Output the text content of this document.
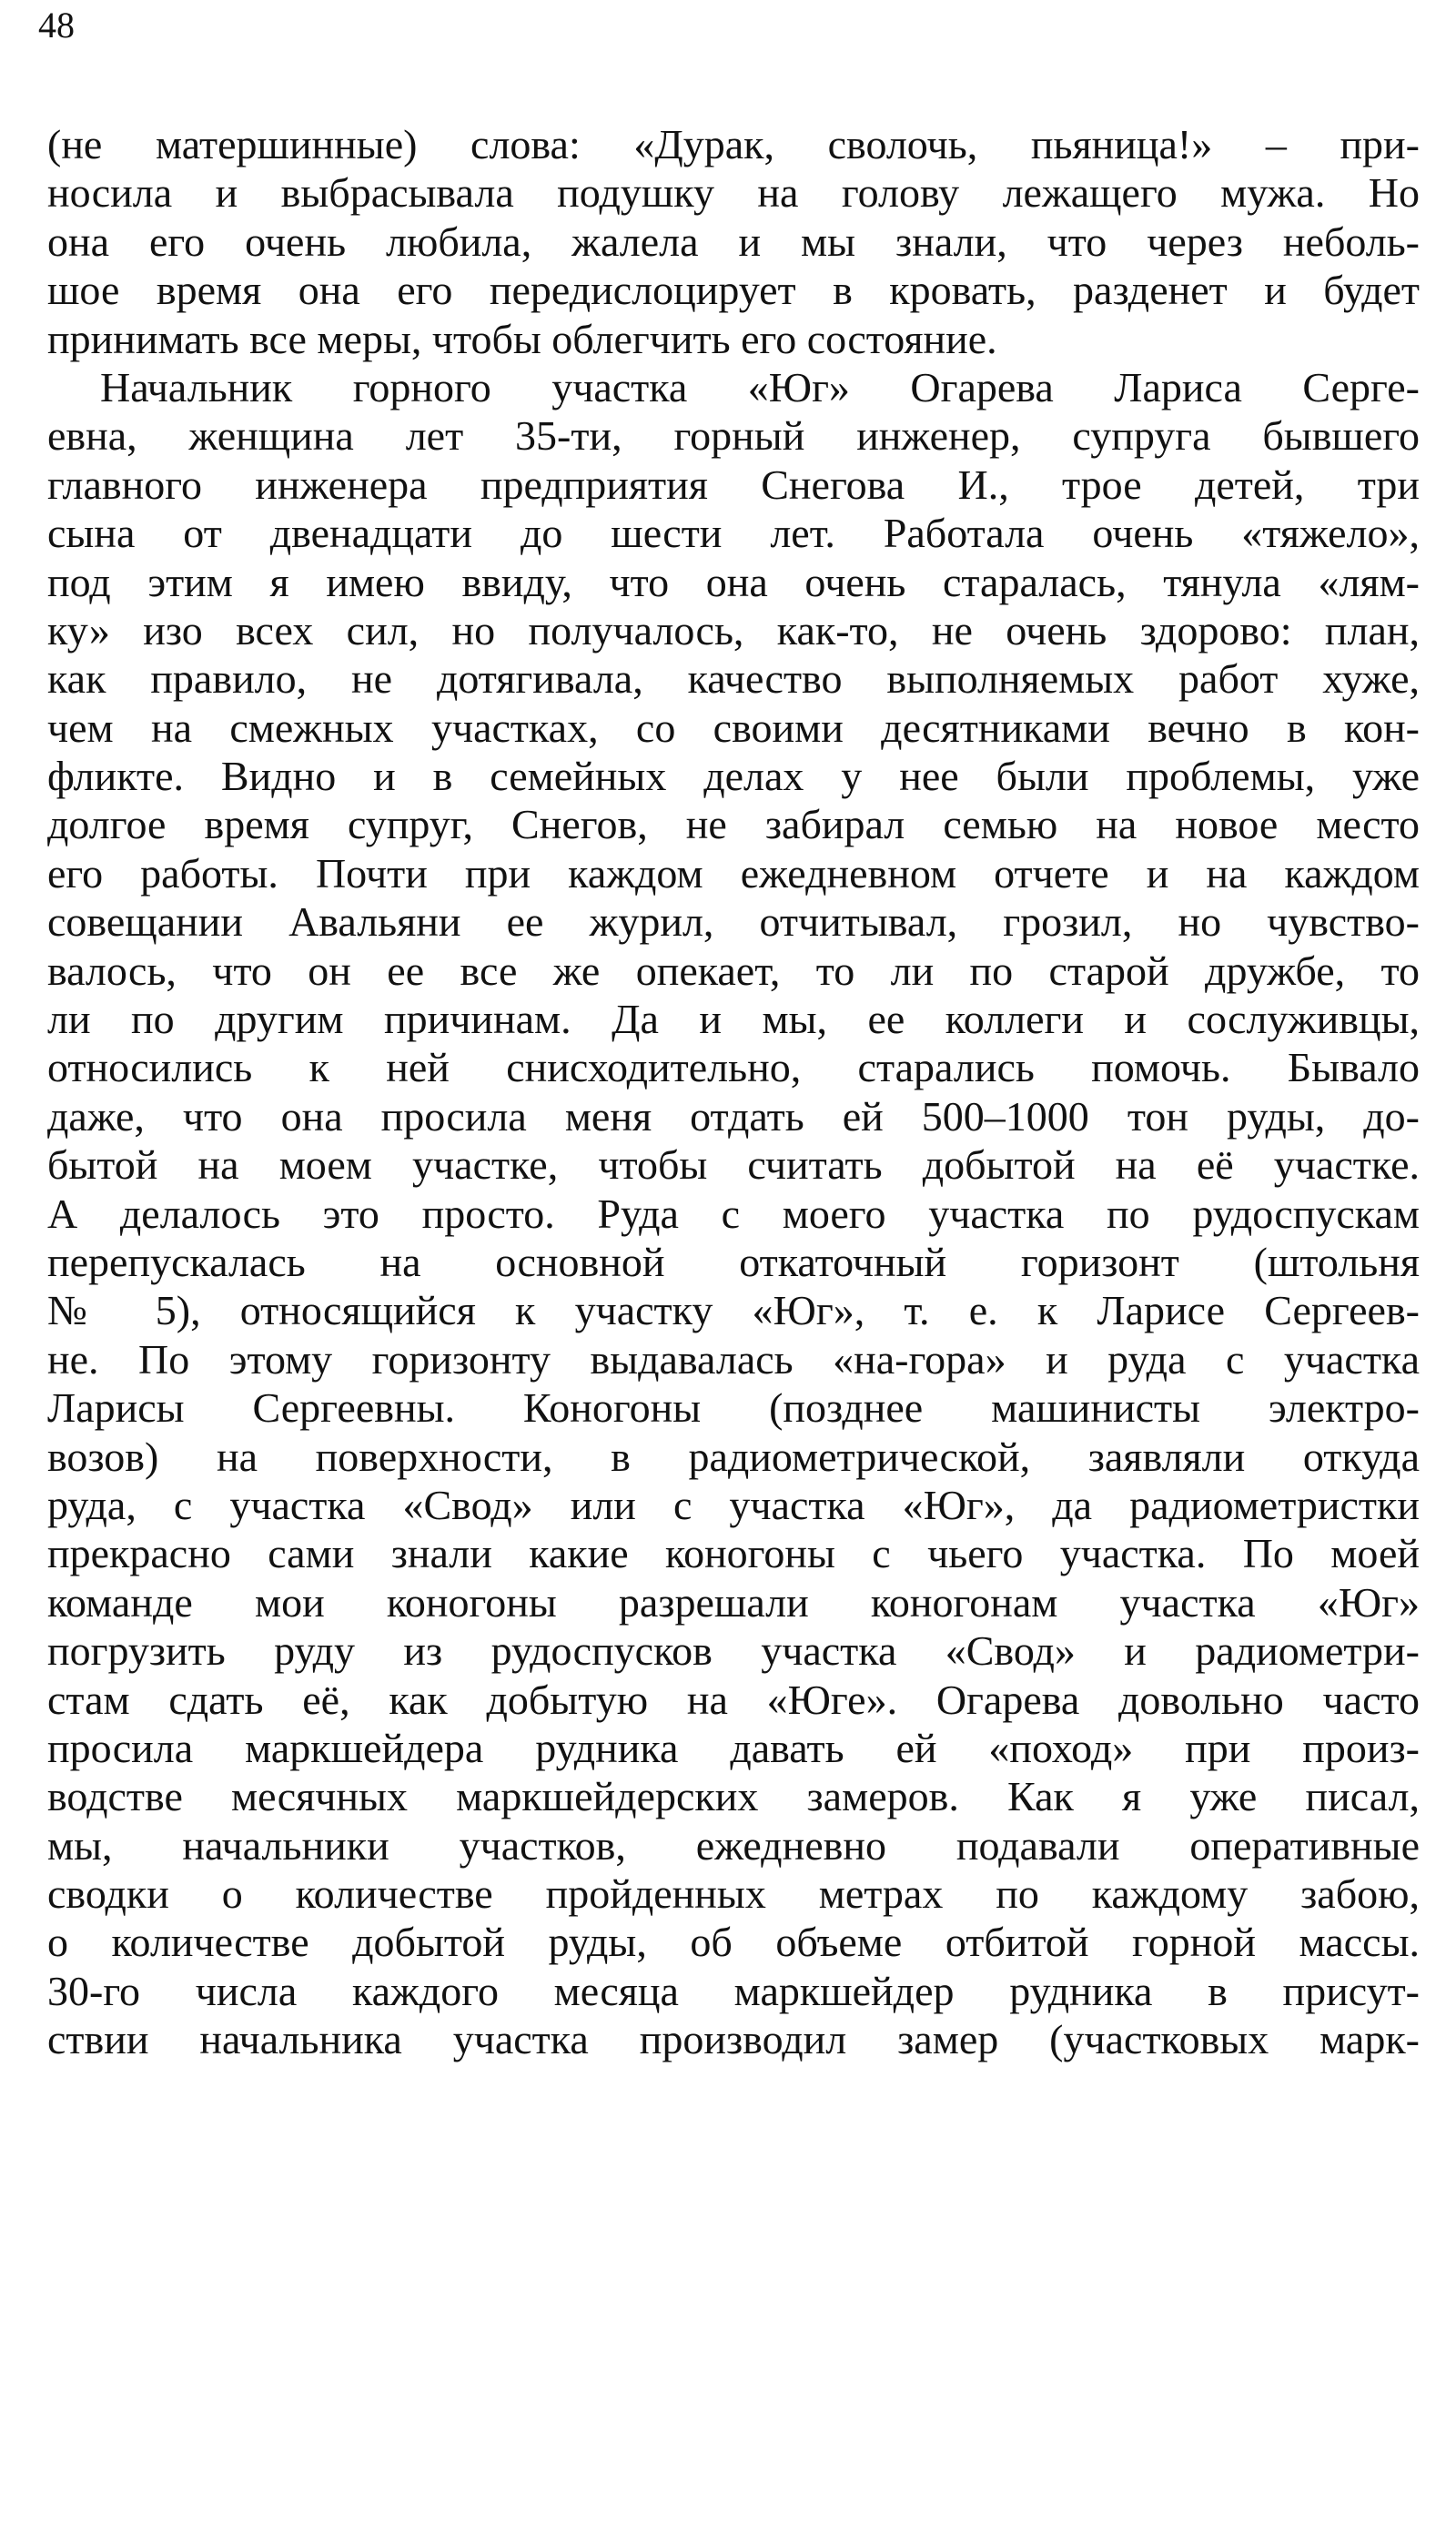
48
(не матершинные) слова: «Дурак, сволочь, пьяница!» – при-
носила и выбрасывала подушку на голову лежащего мужа. Но
она его очень любила, жалела и мы знали, что через неболь-
шое время она его передислоцирует в кровать, разденет и будет
принимать все меры, чтобы облегчить его состояние.
Начальник горного участка «Юг» Огарева Лариса Серге-
евна, женщина лет 35-ти, горный инженер, супруга бывшего
главного инженера предприятия Снегова И., трое детей, три
сына от двенадцати до шести лет. Работала очень «тяжело»,
под этим я имею ввиду, что она очень старалась, тянула «лям-
ку» изо всех сил, но получалось, как-то, не очень здорово: план,
как правило, не дотягивала, качество выполняемых работ хуже,
чем на смежных участках, со своими десятниками вечно в кон-
фликте. Видно и в семейных делах у нее были проблемы, уже
долгое время супруг, Снегов, не забирал семью на новое место
его работы. Почти при каждом ежедневном отчете и на каждом
совещании Авальяни ее журил, отчитывал, грозил, но чувство-
валось, что он ее все же опекает, то ли по старой дружбе, то
ли по другим причинам. Да и мы, ее коллеги и сослуживцы,
относились к ней снисходительно, старались помочь. Бывало
даже, что она просила меня отдать ей 500–1000 тон руды, до-
бытой на моем участке, чтобы считать добытой на её участке.
А делалось это просто. Руда с моего участка по рудоспускам
перепускалась на основной откаточный горизонт (штольня
№ 5), относящийся к участку «Юг», т. е. к Ларисе Сергеев-
не. По этому горизонту выдавалась «на-гора» и руда с участка
Ларисы Сергеевны. Коногоны (позднее машинисты электро-
возов) на поверхности, в радиометрической, заявляли откуда
руда, с участка «Свод» или с участка «Юг», да радиометристки
прекрасно сами знали какие коногоны с чьего участка. По моей
команде мои коногоны разрешали коногонам участка «Юг»
погрузить руду из рудоспусков участка «Свод» и радиометри-
стам сдать её, как добытую на «Юге». Огарева довольно часто
просила маркшейдера рудника давать ей «поход» при произ-
водстве месячных маркшейдерских замеров. Как я уже писал,
мы, начальники участков, ежедневно подавали оперативные
сводки о количестве пройденных метрах по каждому забою,
о количестве добытой руды, об объеме отбитой горной массы.
30-го числа каждого месяца маркшейдер рудника в присут-
ствии начальника участка производил замер (участковых марк-
